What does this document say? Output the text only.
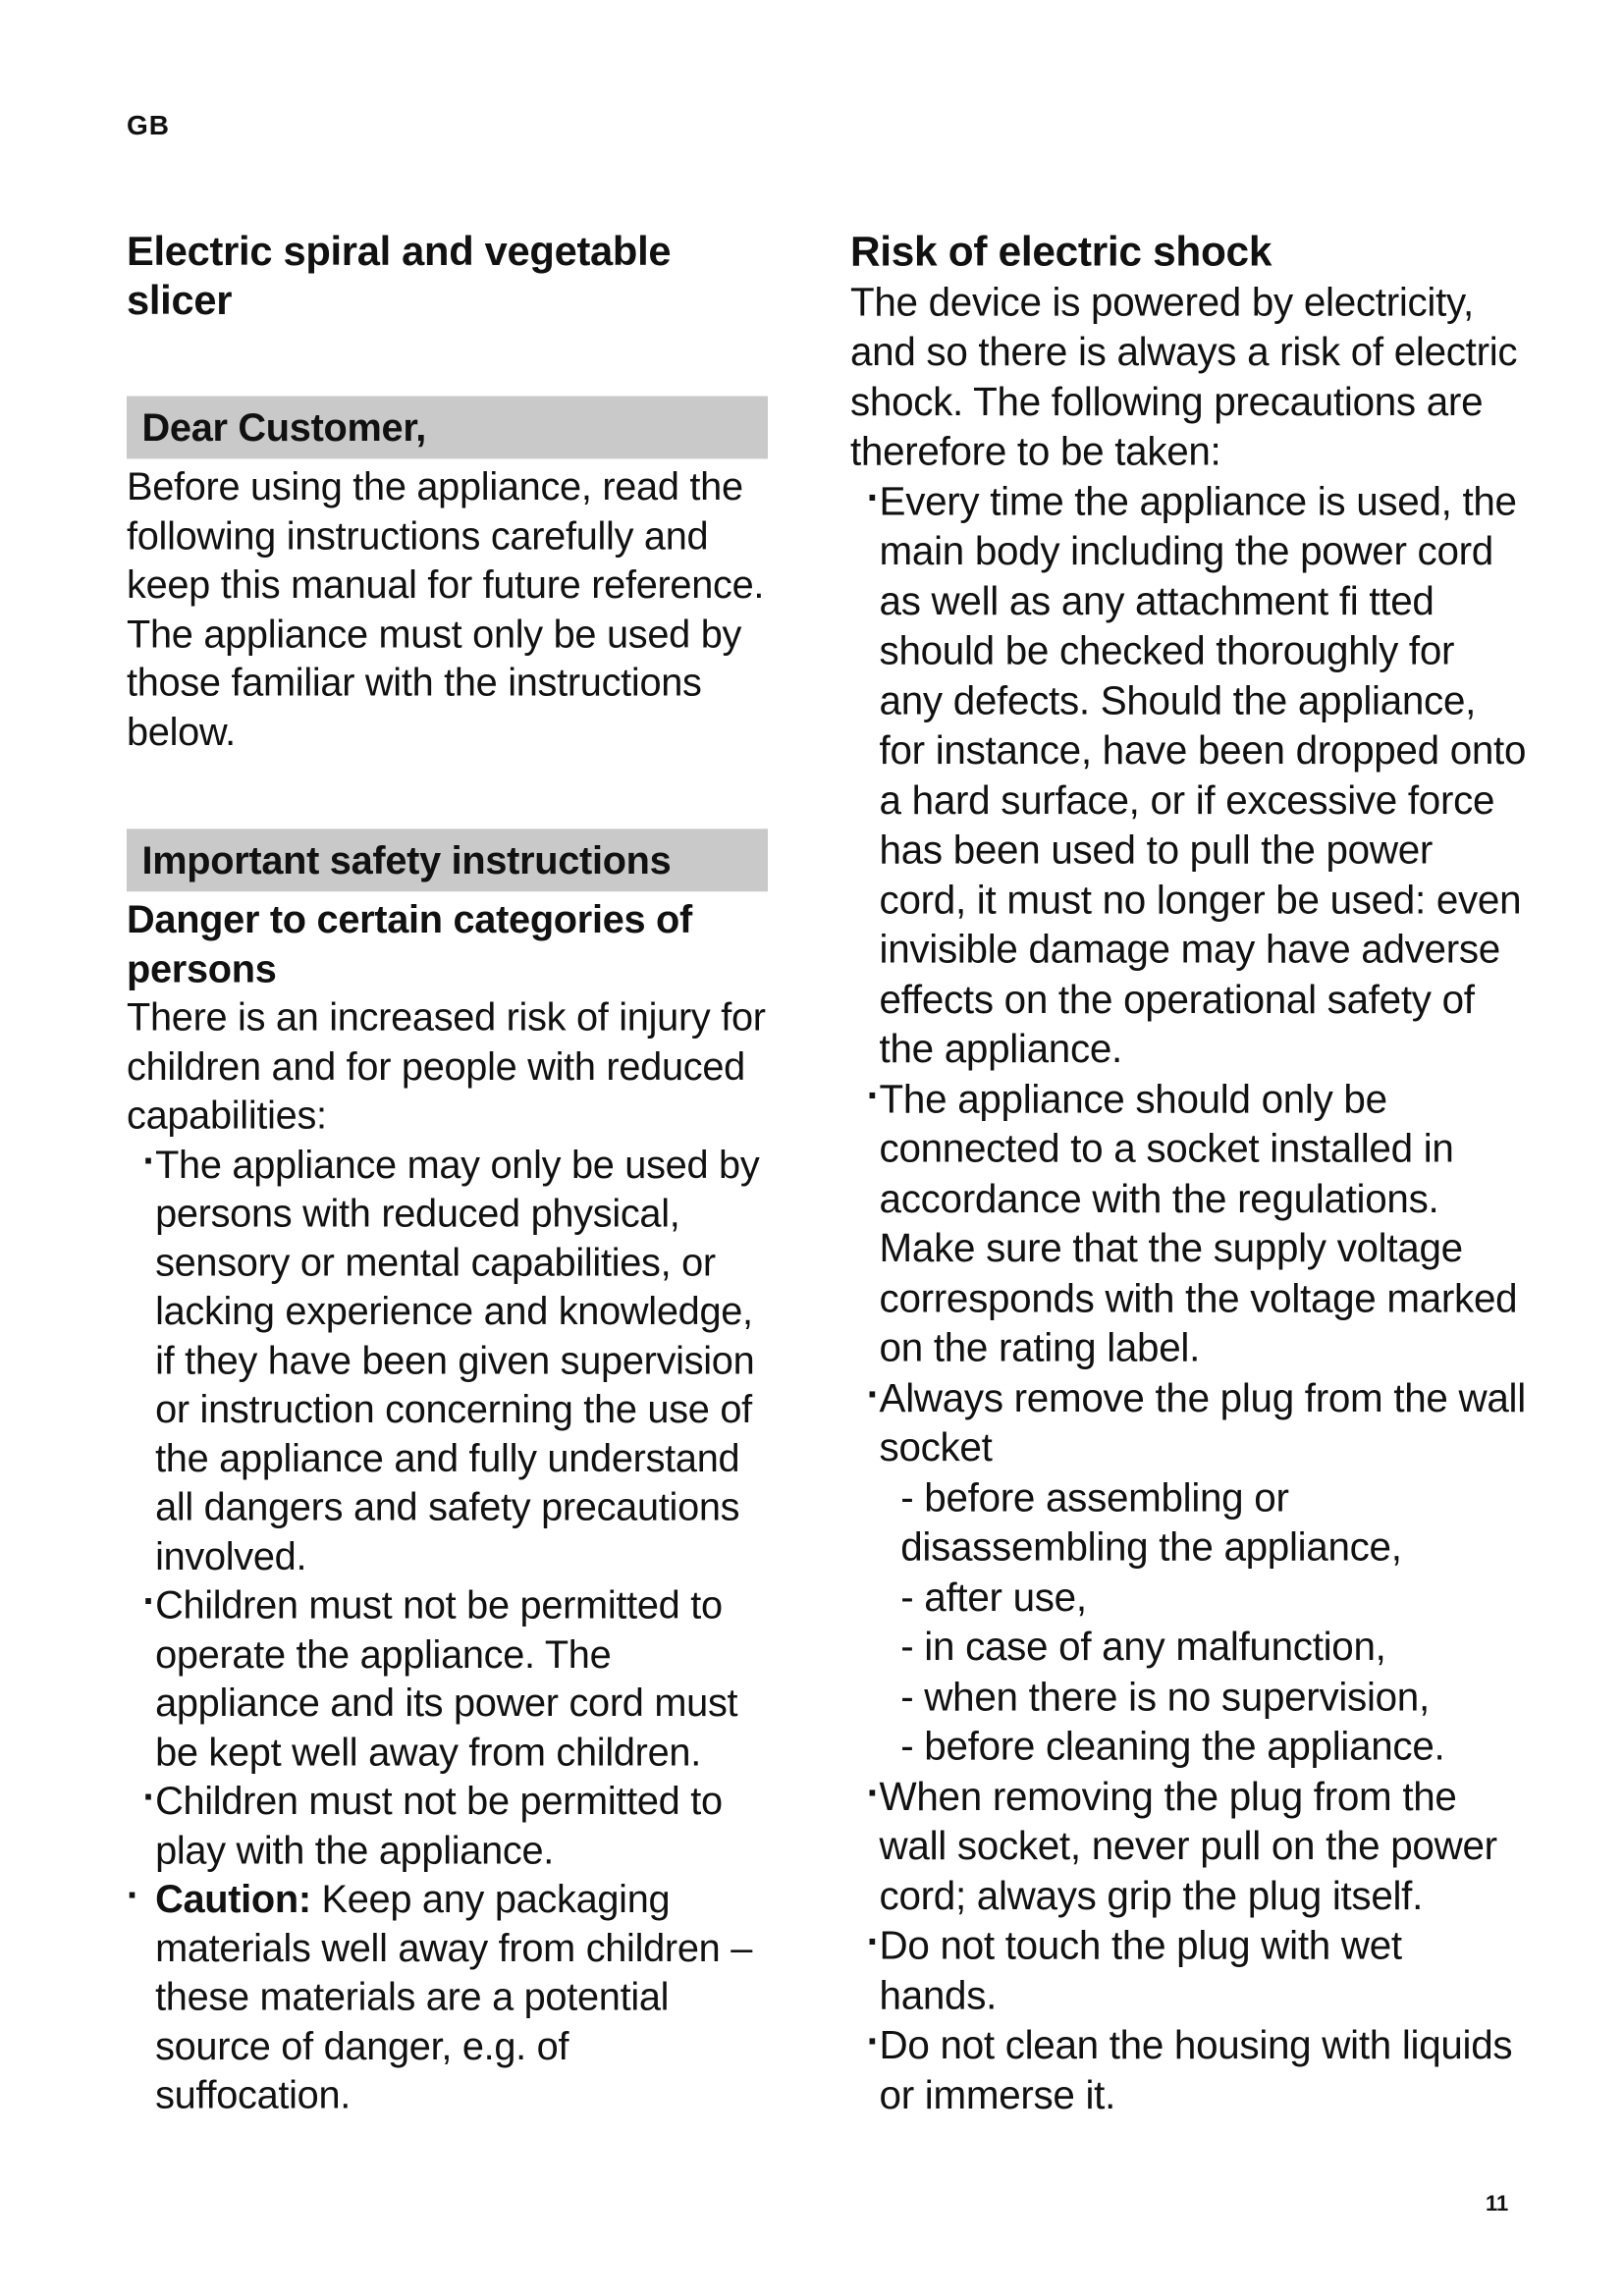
GB
Electric spiral and vegetable slicer
Dear Customer,

Before using the appliance, read the following instructions carefully and keep this manual for future reference. The appliance must only be used by those familiar with the instructions below.

Important safety instructions

Danger to certain categories of persons

There is an increased risk of injury for children and for people with reduced capabilities:

· The appliance may only be used by persons with reduced physical, sensory or mental capabilities, or lacking experience and knowledge, if they have been given supervision or instruction concerning the use of the appliance and fully understand all dangers and safety precautions involved.
· Children must not be permitted to operate the appliance. The appliance and its power cord must be kept well away from children.
· Children must not be permitted to play with the appliance.
· Caution: Keep any packaging materials well away from children – these materials are a potential source of danger, e.g. of suffocation.
Risk of electric shock

The device is powered by electricity, and so there is always a risk of electric shock. The following precautions are therefore to be taken:

· Every time the appliance is used, the main body including the power cord as well as any attachment fi tted should be checked thoroughly for any defects. Should the appliance, for instance, have been dropped onto a hard surface, or if excessive force has been used to pull the power cord, it must no longer be used: even invisible damage may have adverse effects on the operational safety of the appliance.
· The appliance should only be connected to a socket installed in accordance with the regulations. Make sure that the supply voltage corresponds with the voltage marked on the rating label.
· Always remove the plug from the wall socket
- before assembling or disassembling the appliance,
- after use,
- in case of any malfunction,
- when there is no supervision,
- before cleaning the appliance.
· When removing the plug from the wall socket, never pull on the power cord; always grip the plug itself.
· Do not touch the plug with wet hands.
· Do not clean the housing with liquids or immerse it.
11
